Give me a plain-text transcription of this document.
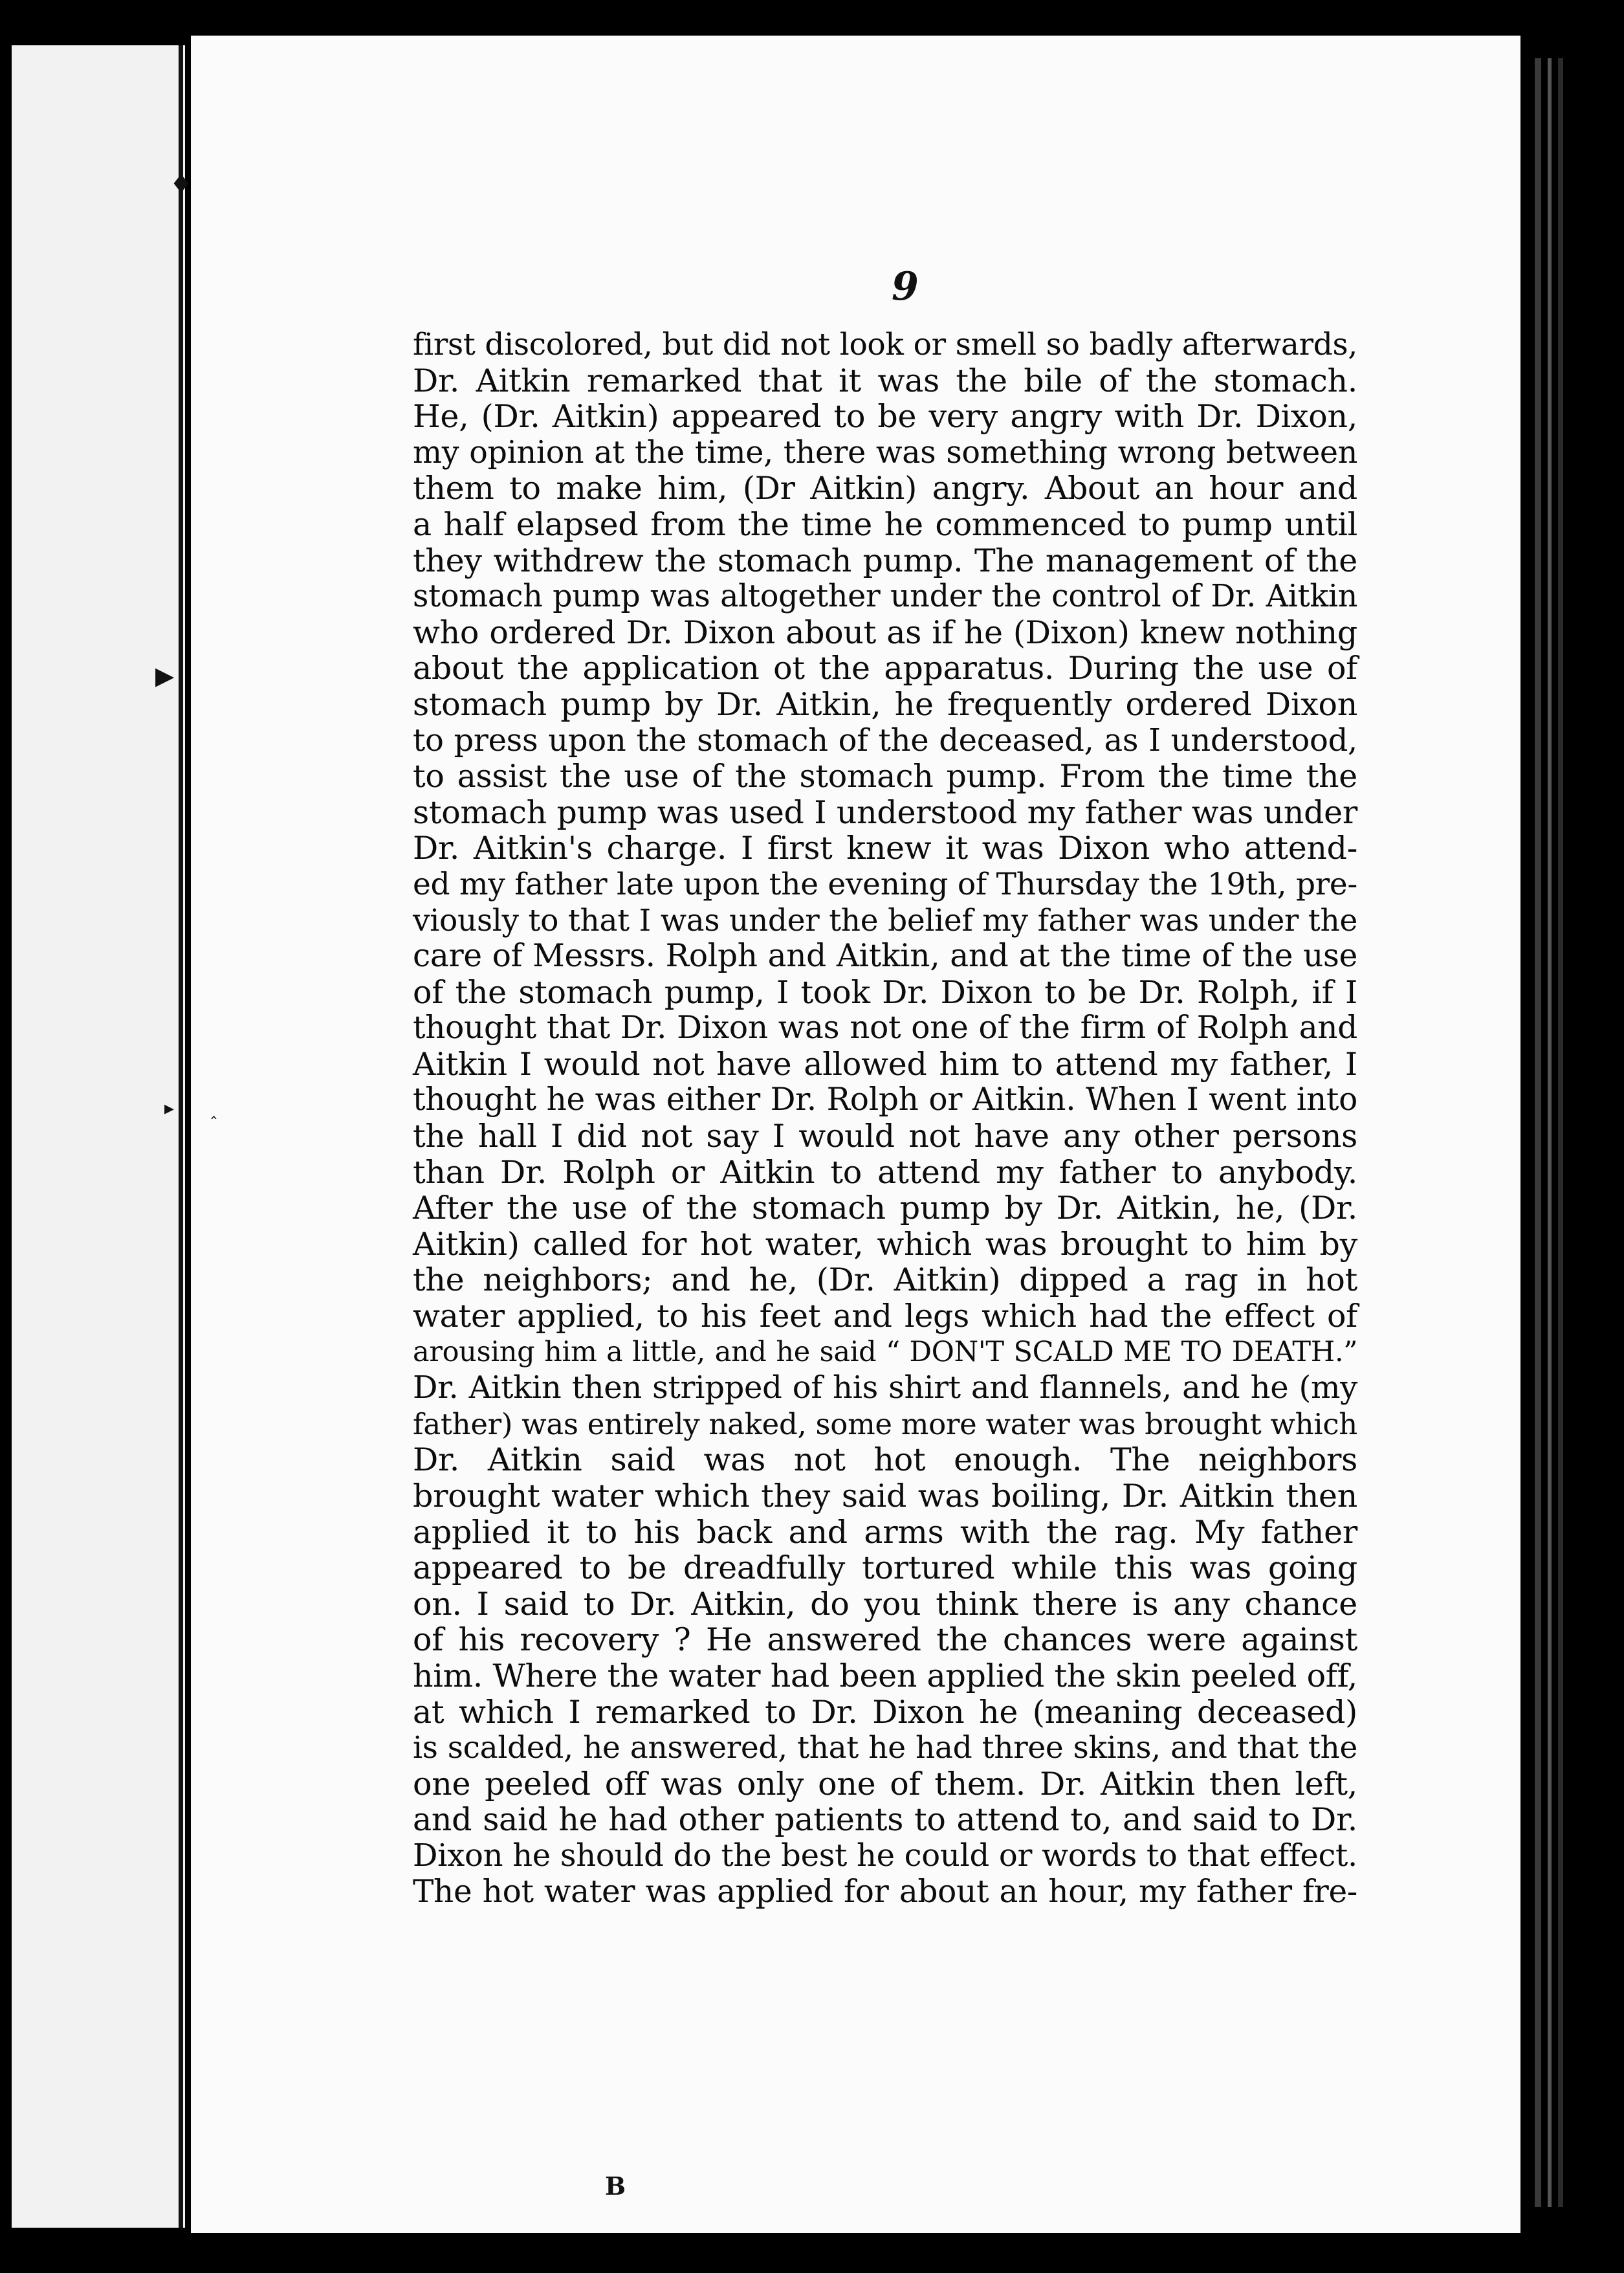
♦
▶
▸ ‸
9
first discolored, but did not look or smell so badly afterwards,
Dr. Aitkin remarked that it was the bile of the stomach.
He, (Dr. Aitkin) appeared to be very angry with Dr. Dixon,
my opinion at the time, there was something wrong between
them to make him, (Dr Aitkin) angry. About an hour and
a half elapsed from the time he commenced to pump until
they withdrew the stomach pump. The management of the
stomach pump was altogether under the control of Dr. Aitkin
who ordered Dr. Dixon about as if he (Dixon) knew nothing
about the application ot the apparatus. During the use of
stomach pump by Dr. Aitkin, he frequently ordered Dixon
to press upon the stomach of the deceased, as I understood,
to assist the use of the stomach pump. From the time the
stomach pump was used I understood my father was under
Dr. Aitkin's charge. I first knew it was Dixon who attend-
ed my father late upon the evening of Thursday the 19th, pre-
viously to that I was under the belief my father was under the
care of Messrs. Rolph and Aitkin, and at the time of the use
of the stomach pump, I took Dr. Dixon to be Dr. Rolph, if I
thought that Dr. Dixon was not one of the firm of Rolph and
Aitkin I would not have allowed him to attend my father, I
thought he was either Dr. Rolph or Aitkin. When I went into
the hall I did not say I would not have any other persons
than Dr. Rolph or Aitkin to attend my father to anybody.
After the use of the stomach pump by Dr. Aitkin, he, (Dr.
Aitkin) called for hot water, which was brought to him by
the neighbors; and he, (Dr. Aitkin) dipped a rag in hot
water applied, to his feet and legs which had the effect of
arousing him a little, and he said “ DON'T SCALD ME TO DEATH.”
Dr. Aitkin then stripped of his shirt and flannels, and he (my
father) was entirely naked, some more water was brought which
Dr. Aitkin said was not hot enough. The neighbors
brought water which they said was boiling, Dr. Aitkin then
applied it to his back and arms with the rag. My father
appeared to be dreadfully tortured while this was going
on. I said to Dr. Aitkin, do you think there is any chance
of his recovery ? He answered the chances were against
him. Where the water had been applied the skin peeled off,
at which I remarked to Dr. Dixon he (meaning deceased)
is scalded, he answered, that he had three skins, and that the
one peeled off was only one of them. Dr. Aitkin then left,
and said he had other patients to attend to, and said to Dr.
Dixon he should do the best he could or words to that effect.
The hot water was applied for about an hour, my father fre-
B
